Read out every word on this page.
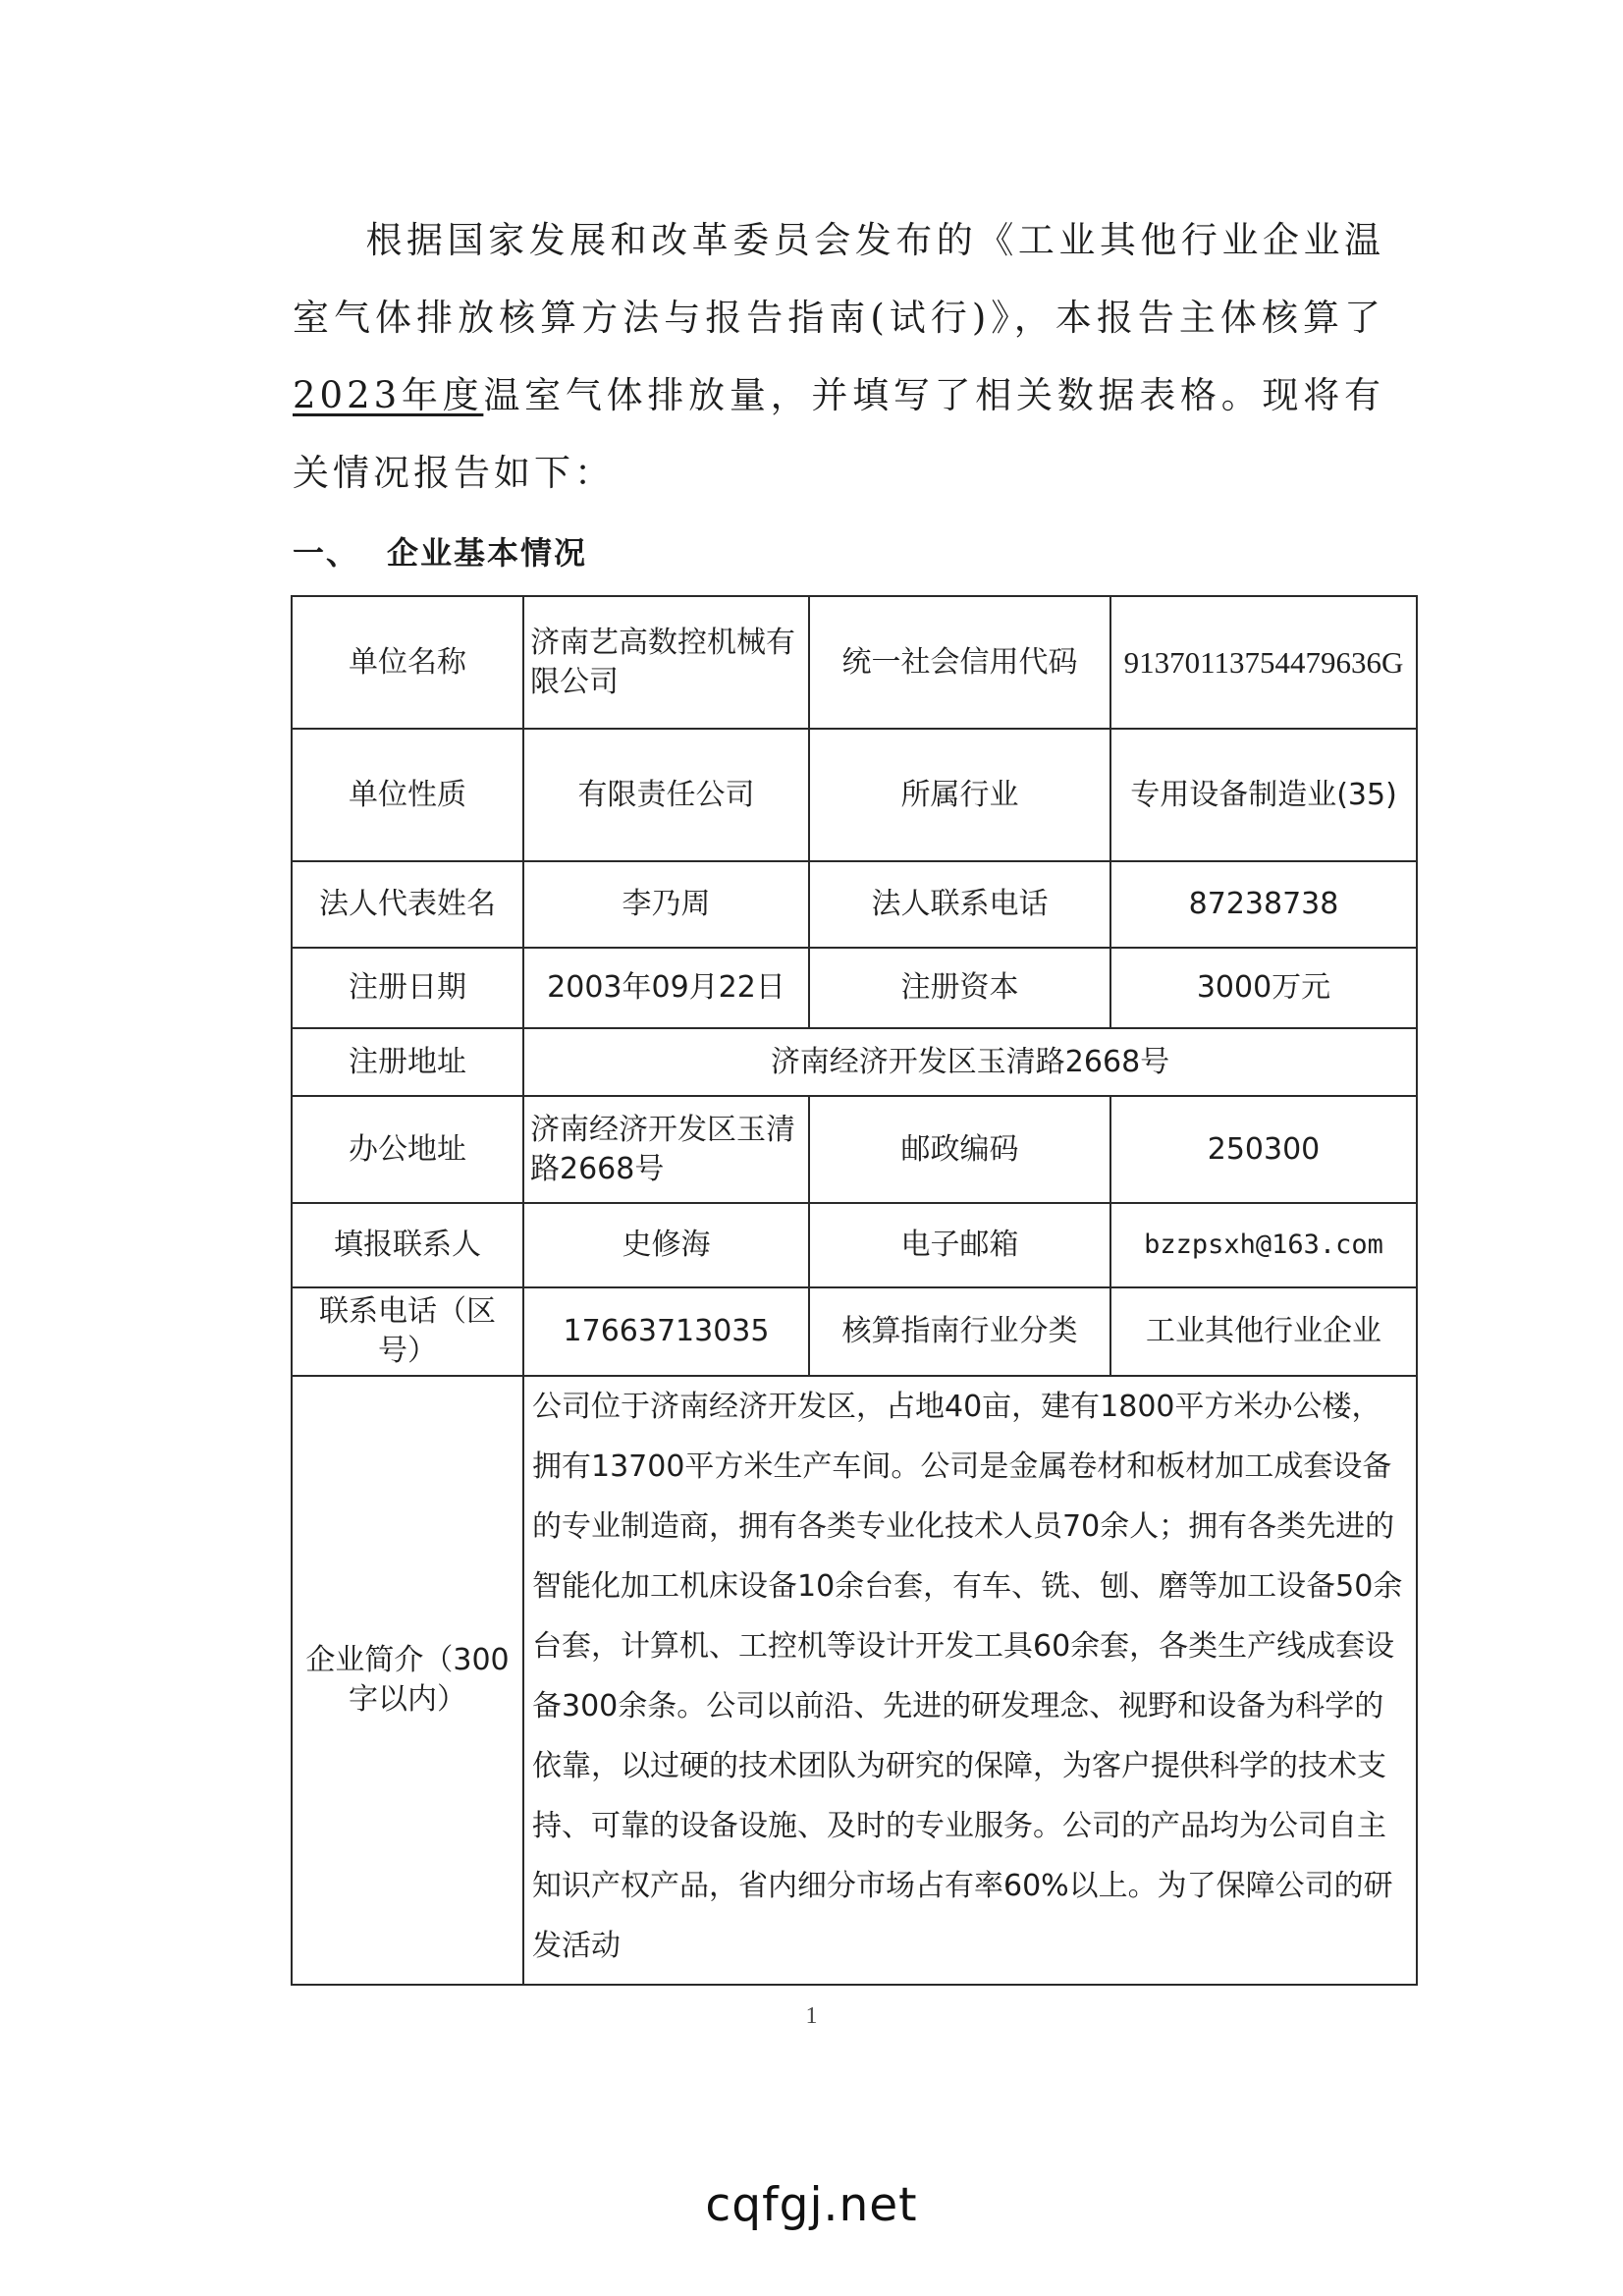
根据国家发展和改革委员会发布的《工业其他行业企业温室气体排放核算方法与报告指南(试行)》，本报告主体核算了2023年度温室气体排放量，并填写了相关数据表格。现将有关情况报告如下：
一、 企业基本情况
单位名称	济南艺高数控机械有限公司	统一社会信用代码	91370113754479636G
单位性质	有限责任公司	所属行业	专用设备制造业(35)
法人代表姓名	李乃周	法人联系电话	87238738
注册日期	2003年09月22日	注册资本	3000万元
注册地址	济南经济开发区玉清路2668号		
办公地址	济南经济开发区玉清路2668号	邮政编码	250300
填报联系人	史修海	电子邮箱	bzzpsxh@163.com
联系电话（区号）	17663713035	核算指南行业分类	工业其他行业企业
企业简介（300字以内）	公司位于济南经济开发区，占地40亩，建有1800平方米办公楼，拥有13700平方米生产车间。公司是金属卷材和板材加工成套设备的专业制造商，拥有各类专业化技术人员70余人；拥有各类先进的智能化加工机床设备10余台套，有车、铣、刨、磨等加工设备50余台套，计算机、工控机等设计开发工具60余套，各类生产线成套设备300余条。公司以前沿、先进的研发理念、视野和设备为科学的依靠，以过硬的技术团队为研究的保障，为客户提供科学的技术支持、可靠的设备设施、及时的专业服务。公司的产品均为公司自主知识产权产品，省内细分市场占有率60%以上。为了保障公司的研发活动		
1
cqfgj.net
